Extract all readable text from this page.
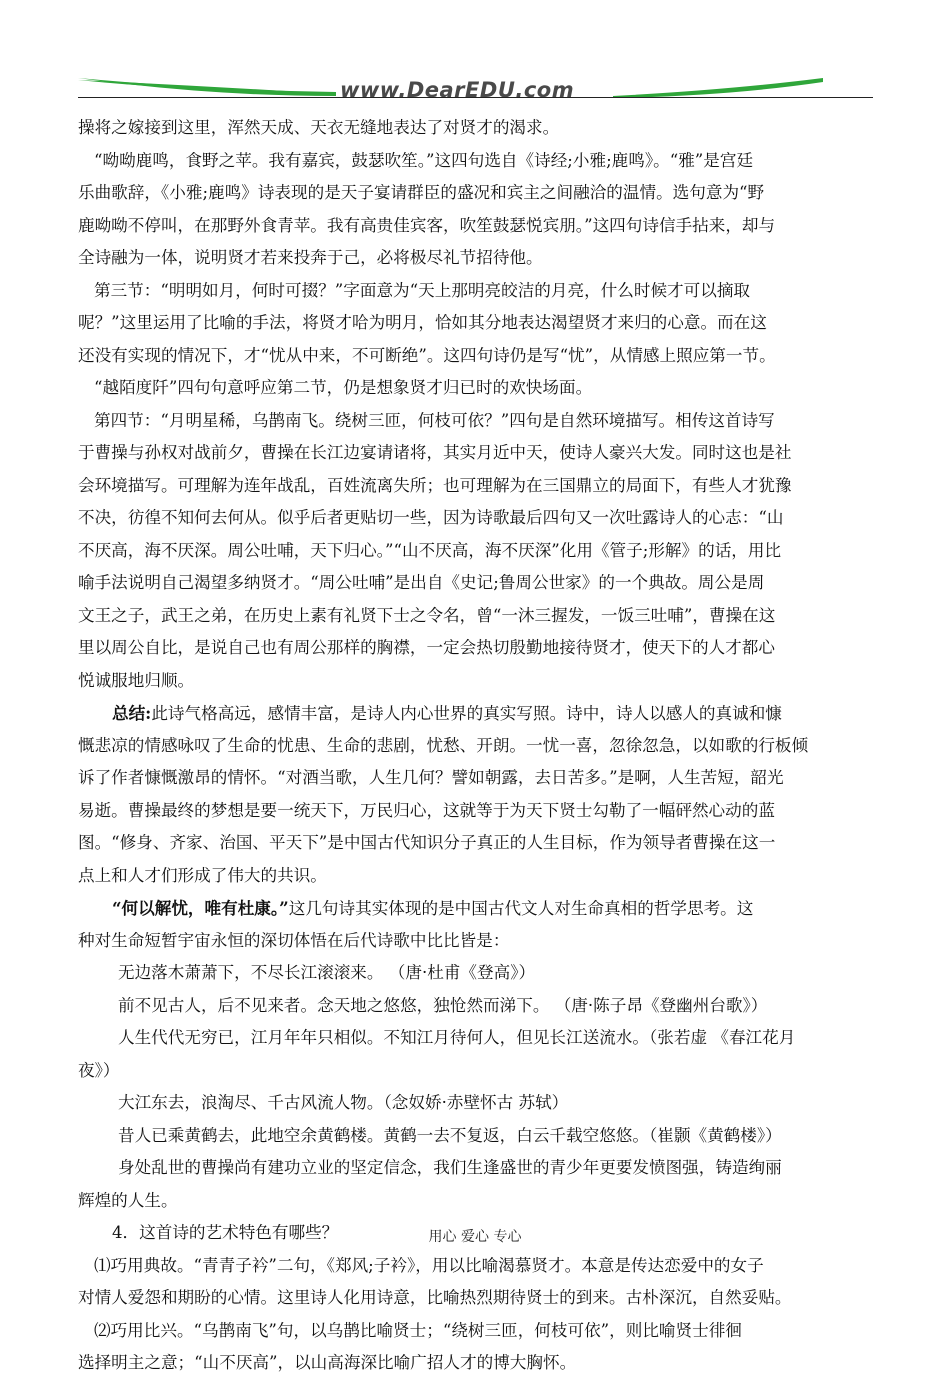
www.DearEDU.com
操将之嫁接到这里，浑然天成、天衣无缝地表达了对贤才的渴求。
“呦呦鹿鸣，食野之苹。我有嘉宾，鼓瑟吹笙。”这四句选自《诗经;小雅;鹿鸣》。“雅”是宫廷
乐曲歌辞，《小雅;鹿鸣》诗表现的是天子宴请群臣的盛况和宾主之间融洽的温情。选句意为“野
鹿呦呦不停叫，在那野外食青苹。我有高贵佳宾客，吹笙鼓瑟悦宾朋。”这四句诗信手拈来，却与
全诗融为一体，说明贤才若来投奔于己，必将极尽礼节招待他。
第三节：“明明如月，何时可掇？”字面意为“天上那明亮皎洁的月亮，什么时候才可以摘取
呢？”这里运用了比喻的手法，将贤才哈为明月，恰如其分地表达渴望贤才来归的心意。而在这
还没有实现的情况下，才“忧从中来，不可断绝”。这四句诗仍是写“忧”，从情感上照应第一节。
“越陌度阡”四句句意呼应第二节，仍是想象贤才归已时的欢快场面。
第四节：“月明星稀，乌鹊南飞。绕树三匝，何枝可依？”四句是自然环境描写。相传这首诗写
于曹操与孙权对战前夕，曹操在长江边宴请诸将，其实月近中天，使诗人豪兴大发。同时这也是社
会环境描写。可理解为连年战乱，百姓流离失所；也可理解为在三国鼎立的局面下，有些人才犹豫
不决，彷徨不知何去何从。似乎后者更贴切一些，因为诗歌最后四句又一次吐露诗人的心志：“山
不厌高，海不厌深。周公吐哺，天下归心。”“山不厌高，海不厌深”化用《管子;形解》的话，用比
喻手法说明自己渴望多纳贤才。“周公吐哺”是出自《史记;鲁周公世家》的一个典故。周公是周
文王之子，武王之弟，在历史上素有礼贤下士之令名，曾“一沐三握发，一饭三吐哺”，曹操在这
里以周公自比，是说自己也有周公那样的胸襟，一定会热切殷勤地接待贤才，使天下的人才都心
悦诚服地归顺。
总结:此诗气格高远，感情丰富，是诗人内心世界的真实写照。诗中，诗人以感人的真诚和慷
慨悲凉的情感咏叹了生命的忧患、生命的悲剧，忧愁、开朗。一忧一喜，忽徐忽急，以如歌的行板倾
诉了作者慷慨激昂的情怀。“对酒当歌，人生几何？譬如朝露，去日苦多。”是啊，人生苦短，韶光
易逝。曹操最终的梦想是要一统天下，万民归心，这就等于为天下贤士勾勒了一幅砰然心动的蓝
图。“修身、齐家、治国、平天下”是中国古代知识分子真正的人生目标，作为领导者曹操在这一
点上和人才们形成了伟大的共识。
“何以解忧，唯有杜康。”这几句诗其实体现的是中国古代文人对生命真相的哲学思考。这
种对生命短暂宇宙永恒的深切体悟在后代诗歌中比比皆是：
无边落木萧萧下，不尽长江滚滚来。 （唐·杜甫《登高》）
前不见古人，后不见来者。念天地之悠悠，独怆然而涕下。 （唐·陈子昂《登幽州台歌》）
人生代代无穷已，江月年年只相似。不知江月待何人，但见长江送流水。（张若虚 《春江花月
夜》）
大江东去，浪淘尽、千古风流人物。（念奴娇·赤壁怀古 苏轼）
昔人已乘黄鹤去，此地空余黄鹤楼。黄鹤一去不复返，白云千载空悠悠。（崔颢《黄鹤楼》）
身处乱世的曹操尚有建功立业的坚定信念，我们生逢盛世的青少年更要发愤图强，铸造绚丽
辉煌的人生。
4．这首诗的艺术特色有哪些？
⑴巧用典故。“青青子衿”二句，《郑风;子衿》，用以比喻渴慕贤才。本意是传达恋爱中的女子
对情人爱怨和期盼的心情。这里诗人化用诗意，比喻热烈期待贤士的到来。古朴深沉，自然妥贴。
⑵巧用比兴。“乌鹊南飞”句，以乌鹊比喻贤士；“绕树三匝，何枝可依”，则比喻贤士徘徊
选择明主之意；“山不厌高”，以山高海深比喻广招人才的博大胸怀。
用心 爱心 专心
